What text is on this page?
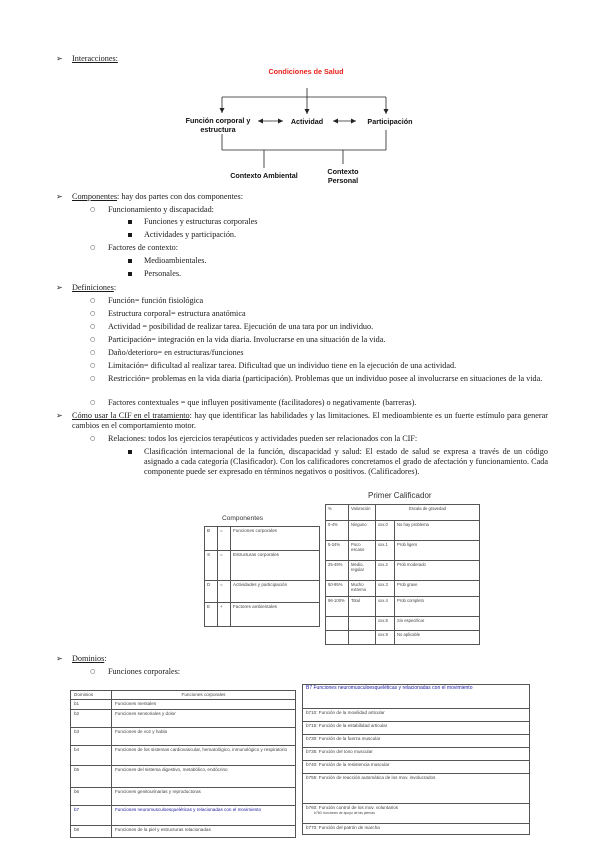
➢ Interacciones:
Condiciones de Salud
Función corporal y estructura
Actividad	Participación
Contexto Ambiental	Contexto Personal
➢ Componentes: hay dos partes con dos componentes:
○ Funcionamiento y discapacidad:
Funciones y estructuras corporales
Actividades y participación.
○ Factores de contexto:
Medioambientales.
Personales.
➢ Definiciones:
○ Función= función fisiológica
○ Estructura corporal= estructura anatómica
○ Actividad = posibilidad de realizar tarea. Ejecución de una tara por un individuo.
○ Participación= integración en la vida diaria. Involucrarse en una situación de la vida.
○ Daño/deterioro= en estructuras/funciones
○ Limitación= dificultad al realizar tarea. Dificultad que un individuo tiene en la ejecución de una actividad.
○ Restricción= problemas en la vida diaria (participación). Problemas que un individuo posee al involucrarse en situaciones de la vida.
○ Factores contextuales = que influyen positivamente (facilitadores) o negativamente (barreras).
➢ Cómo usar la CIF en el tratamiento: hay que identificar las habilidades y las limitaciones. El medioambiente es un fuerte estímulo para generar cambios en el comportamiento motor.
○ Relaciones: todos los ejercicios terapéuticos y actividades pueden ser relacionados con la CIF:
Clasificación internacional de la función, discapacidad y salud: El estado de salud se expresa a través de un código asignado a cada categoría (Clasificador). Con los calificadores concretamos el grado de afectación y funcionamiento. Cada componente puede ser expresado en términos negativos o positivos. (Calificadores).
Componentes
B	=	Funciones corporales
S	=	Estructuras corporales
D	=	Actividades y participación
E	+	Factores ambientales
Primer Calificador
%	Valoración	Escala de gravedad	
0-4%	Ninguno	xxx.0	No hay problema
5-24%	Poco escaso	xxx.1	Prob ligero
25-49%	Medio, regular	xxx.2	Prob moderado
50-95%	Mucho extremo	xxx.3	Prob grave
96-100%	Total	xxx.4	Prob completo
		xxx.8	Sin especificar
		xxx.9	No aplicable
➢ Dominios:
○ Funciones corporales:
Dominios	Funciones corporales
b1	Funciones mentales
b2	Funciones sensoriales y dolor
b3	Funciones de voz y habla
b4	Funciones de los sistemas cardiovascular, hematológico, inmunológico y respiratorio
b5	Funciones del sistema digestivo, metabólico, endócrino
b6	Funciones genitourinarias y reproductoras
b7	Funciones neuromusculoesqueléticas y relacionadas con el movimiento
b8	Funciones de la piel y estructuras relacionadas
B7 Funciones neuromusculoesqueléticas y relacionadas con el movimiento
b710: Función de la movilidad articular
b715: Función de la estabilidad articular
b730: Función de la fuerza muscular
b735: Función del tono muscular
b740: Función de la resistencia muscular
b755: Función de reacción automática de los mov. involucrados

b760: Función control de los mov. voluntarios
b760: funciones de apoyo de las piernas

b770: Función del patrón de marcha
